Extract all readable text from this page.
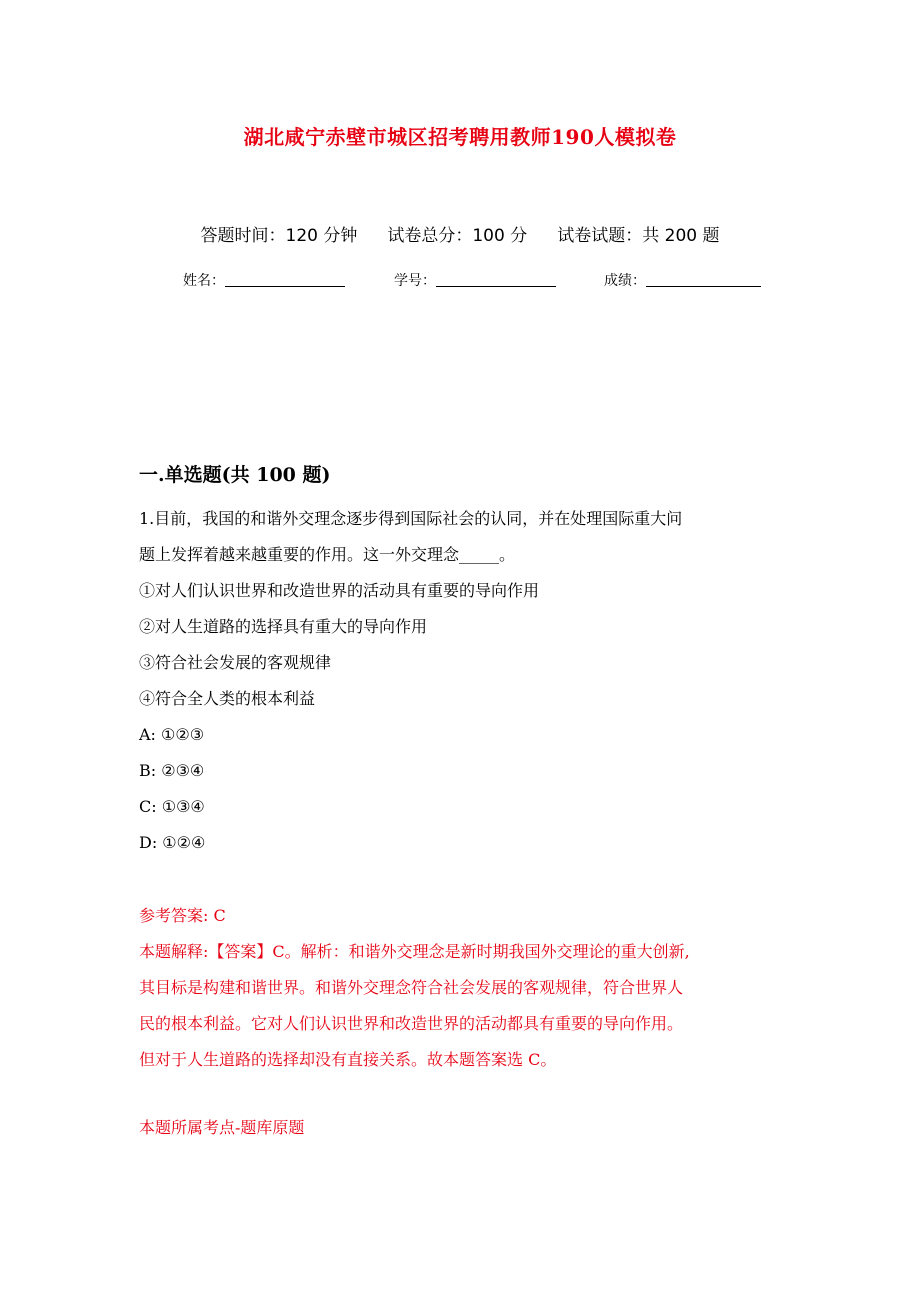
湖北咸宁赤壁市城区招考聘用教师190人模拟卷
答题时间：120 分钟 试卷总分：100 分 试卷试题：共 200 题
姓名：	学号：	成绩：
一.单选题(共 100 题)
1.目前，我国的和谐外交理念逐步得到国际社会的认同，并在处理国际重大问
题上发挥着越来越重要的作用。这一外交理念_____。
①对人们认识世界和改造世界的活动具有重要的导向作用
②对人生道路的选择具有重大的导向作用
③符合社会发展的客观规律
④符合全人类的根本利益
A: ①②③
B: ②③④
C: ①③④
D: ①②④
参考答案: C
本题解释:【答案】C。解析：和谐外交理念是新时期我国外交理论的重大创新,
其目标是构建和谐世界。和谐外交理念符合社会发展的客观规律，符合世界人
民的根本利益。它对人们认识世界和改造世界的活动都具有重要的导向作用。
但对于人生道路的选择却没有直接关系。故本题答案选 C。
本题所属考点-题库原题
